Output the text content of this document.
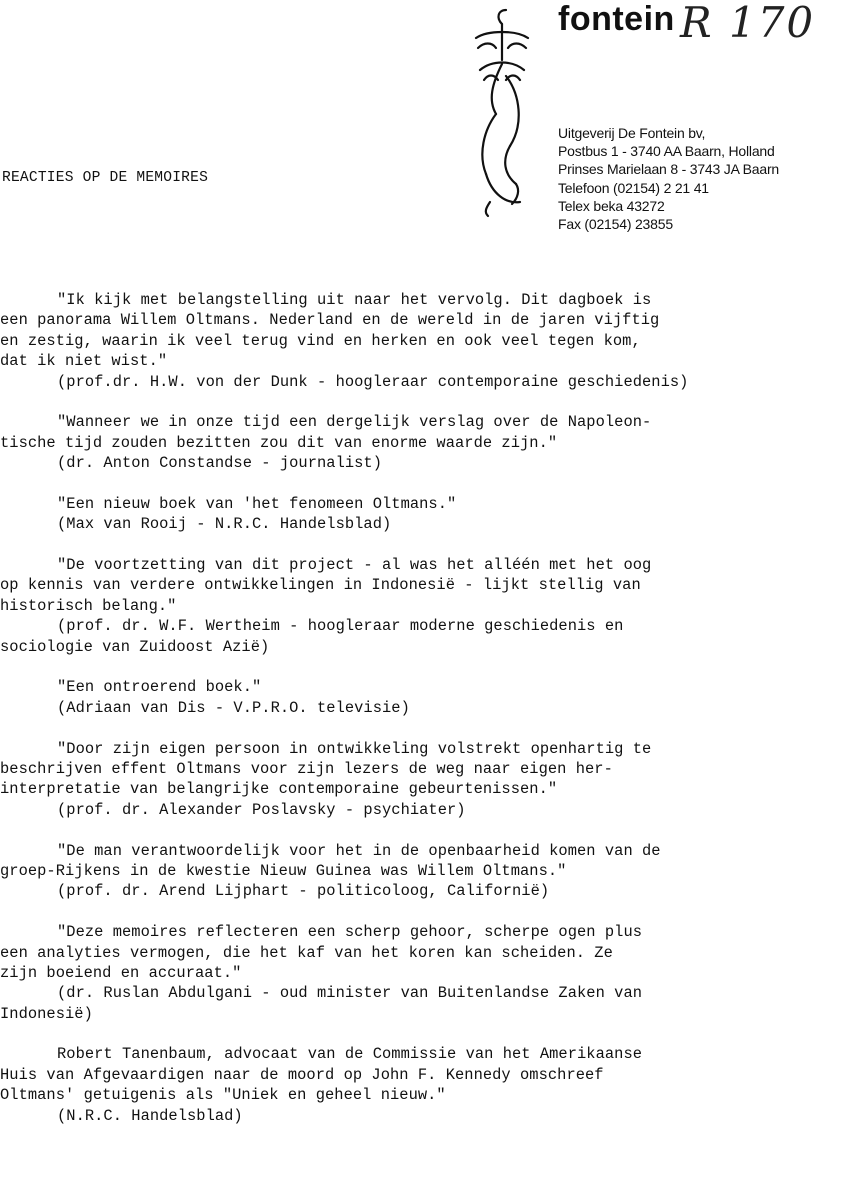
fontein R 170
Uitgeverij De Fontein bv,
Postbus 1 - 3740 AA Baarn, Holland
Prinses Marielaan 8 - 3743 JA Baarn
Telefoon (02154) 2 21 41
Telex beka 43272
Fax (02154) 23855
REACTIES OP DE MEMOIRES
"Ik kijk met belangstelling uit naar het vervolg. Dit dagboek is
een panorama Willem Oltmans. Nederland en de wereld in de jaren vijftig
en zestig, waarin ik veel terug vind en herken en ook veel tegen kom,
dat ik niet wist."
(prof.dr. H.W. von der Dunk - hoogleraar contemporaine geschiedenis)
"Wanneer we in onze tijd een dergelijk verslag over de Napoleon-
tische tijd zouden bezitten zou dit van enorme waarde zijn."
(dr. Anton Constandse - journalist)
"Een nieuw boek van 'het fenomeen Oltmans."
(Max van Rooij - N.R.C. Handelsblad)
"De voortzetting van dit project - al was het alléén met het oog
op kennis van verdere ontwikkelingen in Indonesië - lijkt stellig van
historisch belang."
(prof. dr. W.F. Wertheim - hoogleraar moderne geschiedenis en
sociologie van Zuidoost Azië)
"Een ontroerend boek."
(Adriaan van Dis - V.P.R.O. televisie)
"Door zijn eigen persoon in ontwikkeling volstrekt openhartig te
beschrijven effent Oltmans voor zijn lezers de weg naar eigen her-
interpretatie van belangrijke contemporaine gebeurtenissen."
(prof. dr. Alexander Poslavsky - psychiater)
"De man verantwoordelijk voor het in de openbaarheid komen van de
groep-Rijkens in de kwestie Nieuw Guinea was Willem Oltmans."
(prof. dr. Arend Lijphart - politicoloog, Californië)
"Deze memoires reflecteren een scherp gehoor, scherpe ogen plus
een analyties vermogen, die het kaf van het koren kan scheiden. Ze
zijn boeiend en accuraat."
(dr. Ruslan Abdulgani - oud minister van Buitenlandse Zaken van
Indonesië)
Robert Tanenbaum, advocaat van de Commissie van het Amerikaanse
Huis van Afgevaardigen naar de moord op John F. Kennedy omschreef
Oltmans' getuigenis als "Uniek en geheel nieuw."
(N.R.C. Handelsblad)
